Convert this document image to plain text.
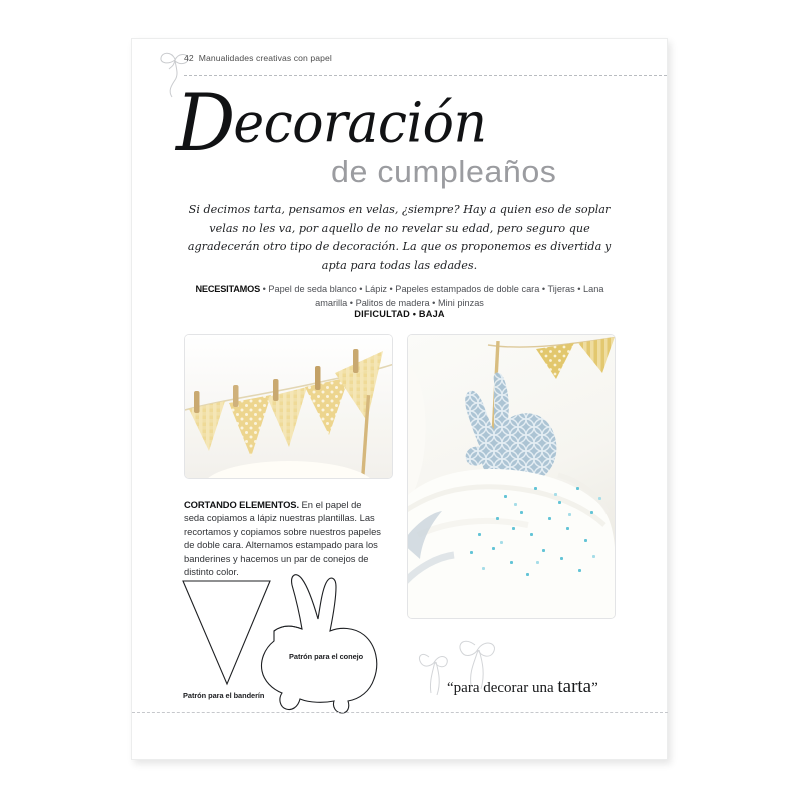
42 Manualidades creativas con papel
Decoración
de cumpleaños
Si decimos tarta, pensamos en velas, ¿siempre? Hay a quien eso de soplar velas no les va, por aquello de no revelar su edad, pero seguro que agradecerán otro tipo de decoración. La que os proponemos es divertida y apta para todas las edades.
NECESITAMOS • Papel de seda blanco • Lápiz • Papeles estampados de doble cara • Tijeras • Lana amarilla • Palitos de madera • Mini pinzas
DIFICULTAD • BAJA
CORTANDO ELEMENTOS. En el papel de seda copiamos a lápiz nuestras plantillas. Las recortamos y copiamos sobre nuestros papeles de doble cara. Alternamos estampado para los banderines y hacemos un par de conejos de distinto color.
Patrón para el banderín
Patrón para el conejo
“para decorar una tarta”
